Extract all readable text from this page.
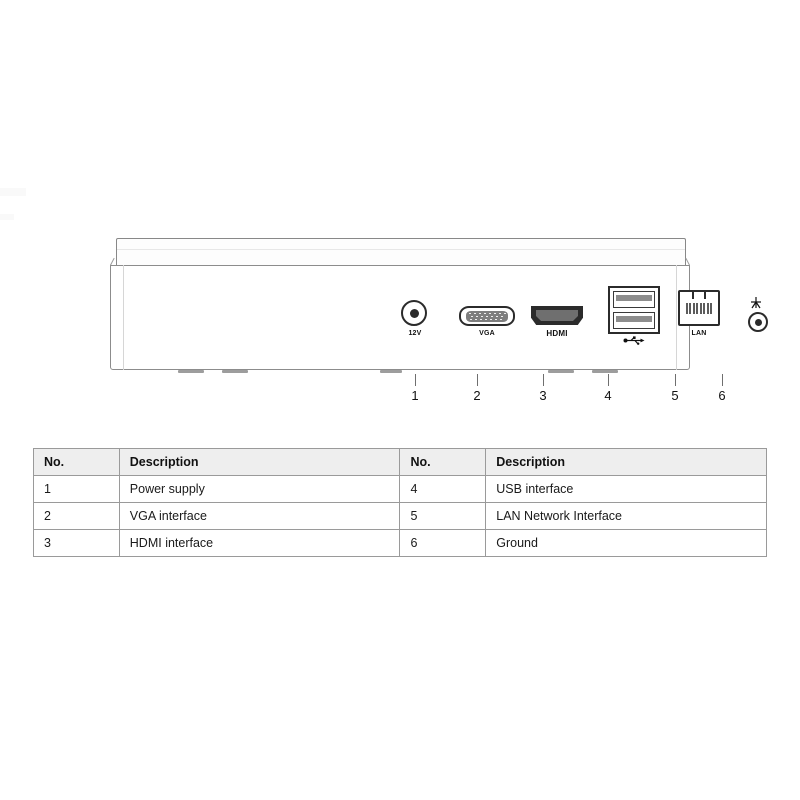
12V	VGA	HDMI	LAN
1	2	3	4	5	6
No.	Description	No.	Description
1	Power supply	4	USB interface
2	VGA interface	5	LAN Network Interface
3	HDMI interface	6	Ground
